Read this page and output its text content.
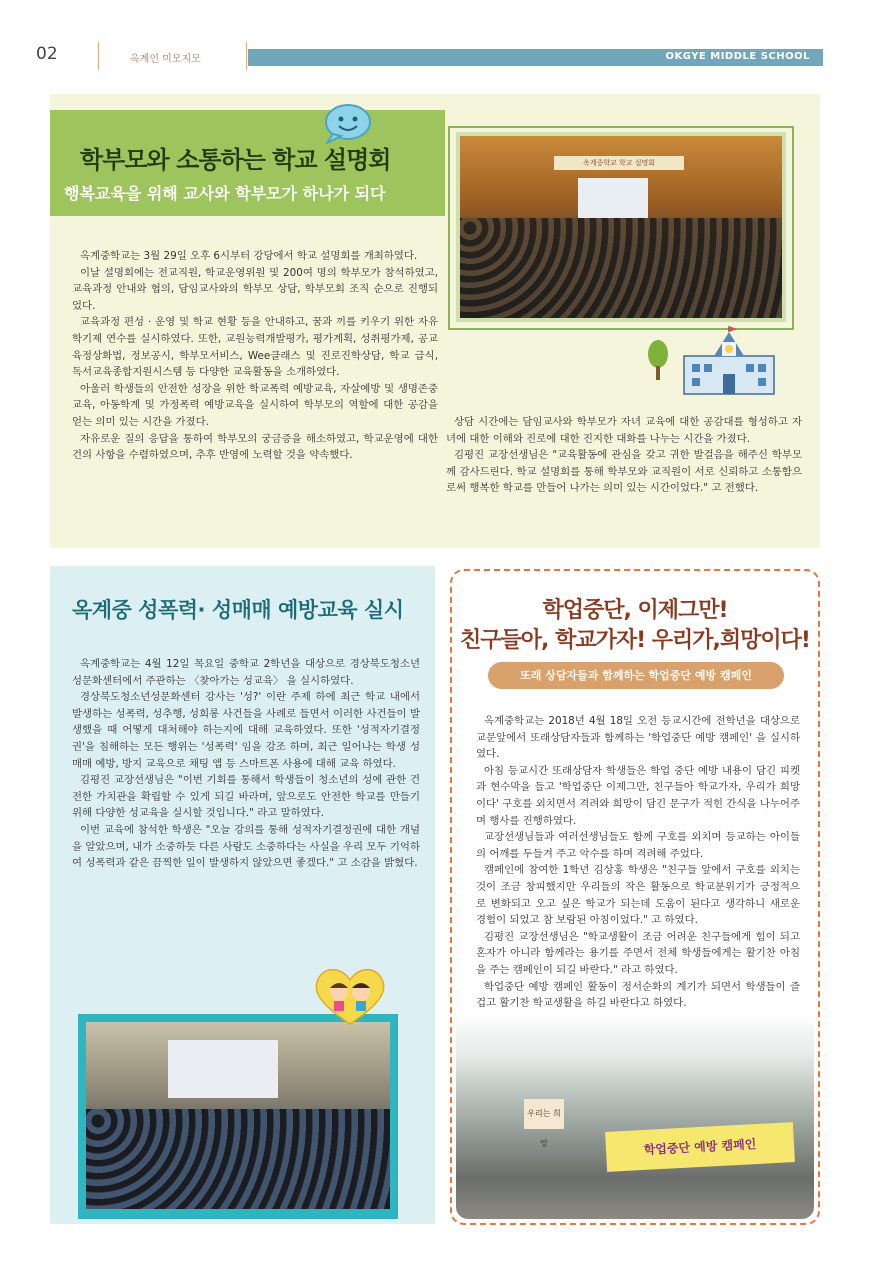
02	옥계인 미모지모	OKGYE MIDDLE SCHOOL
학부모와 소통하는 학교 설명회
행복교육을 위해 교사와 학부모가 하나가 되다
옥계중학교 학교 설명회

옥계중학교는 3월 29일 오후 6시부터 강당에서 학교 설명회를 개최하였다.

이날 설명회에는 전교직원, 학교운영위원 및 200여 명의 학부모가 참석하였고, 교육과정 안내와 협의, 담임교사와의 학부모 상담, 학부모회 조직 순으로 진행되었다.

교육과정 편성 · 운영 및 학교 현황 등을 안내하고, 꿈과 끼를 키우기 위한 자유학기제 연수를 실시하였다. 또한, 교원능력개발평가, 평가계획, 성취평가제, 공교육정상화법, 정보공시, 학부모서비스, Wee클래스 및 진로진학상담, 학교 급식, 독서교육종합지원시스템 등 다양한 교육활동을 소개하였다.

아울러 학생들의 안전한 성장을 위한 학교폭력 예방교육, 자살예방 및 생명존중교육, 아동학계 및 가정폭력 예방교육을 실시하여 학부모의 역할에 대한 공감을 얻는 의미 있는 시간을 가졌다.

자유로운 질의 응답을 통하여 학부모의 궁금증을 해소하였고, 학교운영에 대한 건의 사항을 수렴하였으며, 추후 반영에 노력할 것을 약속했다.

상담 시간에는 담임교사와 학부모가 자녀 교육에 대한 공감대를 형성하고 자녀에 대한 이해와 진로에 대한 진지한 대화를 나누는 시간을 가졌다.

김평진 교장선생님은 "교육활동에 관심을 갖고 귀한 발걸음을 해주신 학부모께 감사드린다. 학교 설명회를 통해 학부모와 교직원이 서로 신뢰하고 소통함으로써 행복한 학교를 만들어 나가는 의미 있는 시간이었다." 고 전했다.

옥계중 성폭력· 성매매 예방교육 실시

옥계중학교는 4월 12일 목요일 중학교 2학년을 대상으로 경상북도청소년성문화센터에서 주관하는 〈찾아가는 성교육〉 을 실시하였다.

경상북도청소년성문화센터 강사는 '성?' 이란 주제 하에 최근 학교 내에서 발생하는 성폭력, 성추행, 성희롱 사건들을 사례로 들면서 이러한 사건들이 발생했을 때 어떻게 대처해야 하는지에 대해 교육하였다. 또한 '성적자기결정권'을 침해하는 모든 행위는 '성폭력' 임을 강조 하며, 최근 일어나는 학생 성매매 예방, 방지 교육으로 채팅 앱 등 스마트폰 사용에 대해 교육 하였다.

김평진 교장선생님은 "이번 기회를 통해서 학생들이 청소년의 성에 관한 건전한 가치관을 확립할 수 있게 되길 바라며, 앞으로도 안전한 학교를 만들기 위해 다양한 성교육을 실시할 것입니다." 라고 말하였다.

이번 교육에 참석한 학생은 "오늘 강의를 통해 성적자기결정권에 대한 개념을 알았으며, 내가 소중하듯 다른 사람도 소중하다는 사실을 우리 모두 기억하여 성폭력과 같은 끔찍한 일이 발생하지 않았으면 좋겠다." 고 소감을 밝혔다.

학업중단, 이제그만!
친구들아, 학교가자! 우리가,희망이다!
또래 상담자들과 함께하는 학업중단 예방 캠페인

옥계중학교는 2018년 4월 18일 오전 등교시간에 전학년을 대상으로 교문앞에서 또래상담자들과 함께하는 '학업중단 예방 캠페인' 을 실시하였다.

아침 등교시간 또래상담자 학생들은 학업 중단 예방 내용이 담긴 피켓과 현수막을 들고 '학업중단 이제그만, 친구들아 학교가자, 우리가 희망이다' 구호를 외치면서 격려와 희망이 담긴 문구가 적힌 간식을 나누어주며 행사를 진행하였다.

교장선생님들과 여러선생님들도 함께 구호를 외치며 등교하는 아이들의 어깨를 두들겨 주고 악수를 하며 격려해 주었다.

캠페인에 참여한 1학년 김상홍 학생은 "친구들 앞에서 구호를 외치는 것이 조금 창피했지만 우리들의 작은 활동으로 학교분위기가 긍정적으로 변화되고 오고 싶은 학교가 되는데 도움이 된다고 생각하니 새로운 경험이 되었고 참 보람된 아침이었다." 고 하였다.

김평진 교장선생님은 "학교생활이 조금 어려운 친구들에게 힘이 되고 혼자가 아니라 함께라는 용기를 주면서 전체 학생들에게는 활기찬 아침을 주는 캠페인이 되길 바란다." 라고 하였다.

학업중단 예방 캠페인 활동이 정서순화의 계기가 되면서 학생들이 즐겁고 활기찬 학교생활을 하길 바란다고 하였다.

우리는 희망	학업중단 예방 캠페인
